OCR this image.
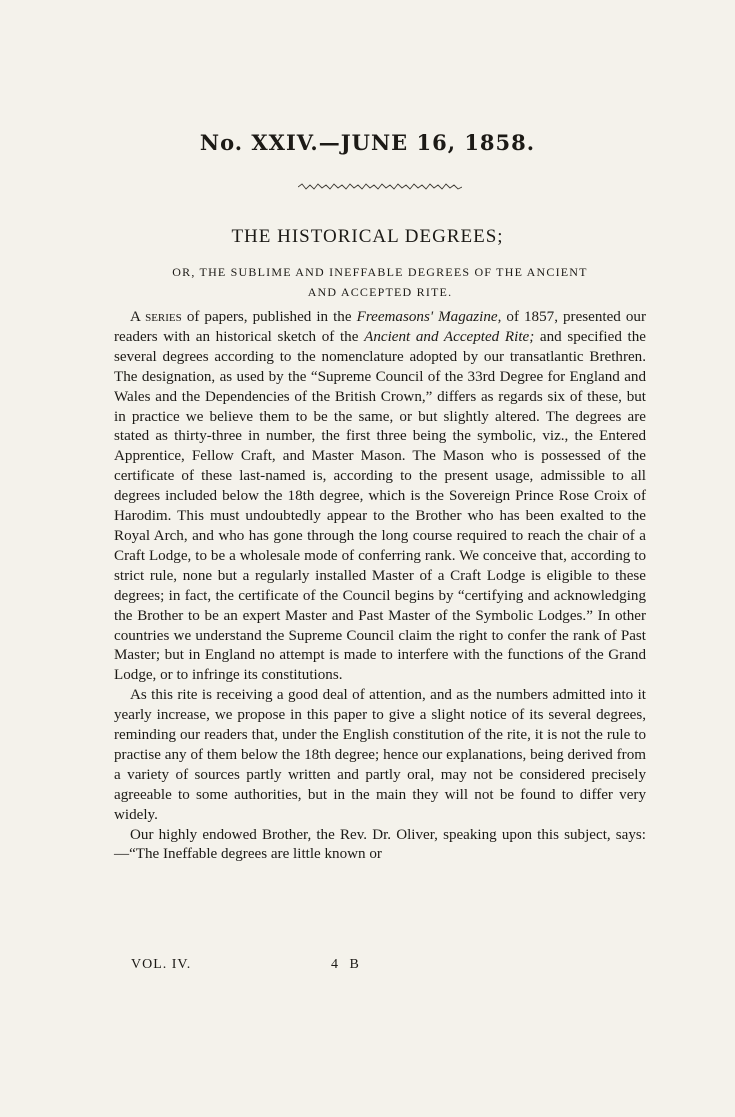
No. XXIV.—JUNE 16, 1858.
THE HISTORICAL DEGREES;
OR, THE SUBLIME AND INEFFABLE DEGREES OF THE ANCIENT
AND ACCEPTED RITE.

A series of papers, published in the Freemasons' Magazine, of 1857, presented our readers with an historical sketch of the Ancient and Accepted Rite; and specified the several degrees according to the nomenclature adopted by our transatlantic Brethren. The designation, as used by the “Supreme Council of the 33rd Degree for England and Wales and the Dependencies of the British Crown,” differs as regards six of these, but in practice we believe them to be the same, or but slightly altered. The degrees are stated as thirty-three in number, the first three being the symbolic, viz., the Entered Apprentice, Fellow Craft, and Master Mason. The Mason who is possessed of the certificate of these last-named is, according to the present usage, admissible to all degrees included below the 18th degree, which is the Sovereign Prince Rose Croix of Harodim. This must undoubtedly appear to the Brother who has been exalted to the Royal Arch, and who has gone through the long course required to reach the chair of a Craft Lodge, to be a wholesale mode of conferring rank. We conceive that, according to strict rule, none but a regularly installed Master of a Craft Lodge is eligible to these degrees; in fact, the certificate of the Council begins by “certifying and acknowledging the Brother to be an expert Master and Past Master of the Symbolic Lodges.” In other countries we understand the Supreme Council claim the right to confer the rank of Past Master; but in England no attempt is made to interfere with the functions of the Grand Lodge, or to infringe its constitutions.

As this rite is receiving a good deal of attention, and as the numbers admitted into it yearly increase, we propose in this paper to give a slight notice of its several degrees, reminding our readers that, under the English constitution of the rite, it is not the rule to practise any of them below the 18th degree; hence our explanations, being derived from a variety of sources partly written and partly oral, may not be considered precisely agreeable to some authorities, but in the main they will not be found to differ very widely.

Our highly endowed Brother, the Rev. Dr. Oliver, speaking upon this subject, says:—“The Ineffable degrees are little known or

VOL. IV.	4 B
